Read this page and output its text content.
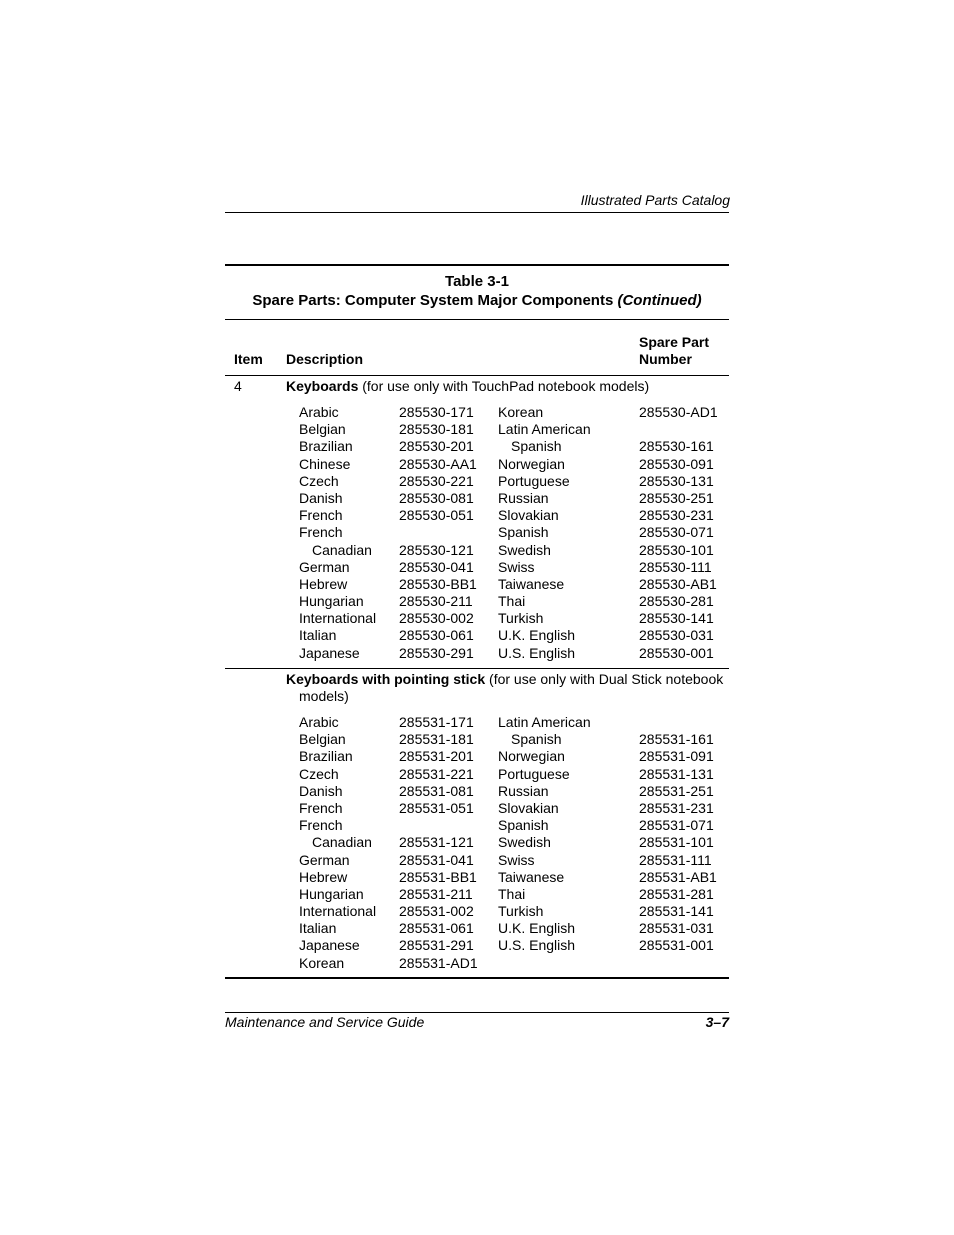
Illustrated Parts Catalog
Table 3-1
Spare Parts: Computer System Major Components (Continued)
Item Description
Spare Part
Number
4	Keyboards (for use only with TouchPad notebook models)
Arabic	285530-171 Korean	285530-AD1
Belgian	285530-181 Latin American
Brazilian	285530-201	Spanish	285530-161
Chinese	285530-AA1 Norwegian	285530-091
Czech	285530-221 Portuguese	285530-131
Danish	285530-081 Russian	285530-251
French	285530-051 Slovakian	285530-231
French	Spanish	285530-071
Canadian 285530-121 Swedish	285530-101
German	285530-041 Swiss	285530-111
Hebrew	285530-BB1 Taiwanese	285530-AB1
Hungarian	285530-211 Thai	285530-281
International 285530-002 Turkish	285530-141
Italian	285530-061 U.K. English	285530-031
Japanese	285530-291 U.S. English	285530-001
Keyboards with pointing stick (for use only with Dual Stick notebook
models)
Arabic	285531-171 Latin American
Belgian	285531-181	Spanish	285531-161
Brazilian	285531-201 Norwegian	285531-091
Czech	285531-221 Portuguese	285531-131
Danish	285531-081 Russian	285531-251
French	285531-051 Slovakian	285531-231
French	Spanish	285531-071
Canadian 285531-121 Swedish	285531-101
German	285531-041 Swiss	285531-111
Hebrew	285531-BB1 Taiwanese	285531-AB1
Hungarian	285531-211 Thai	285531-281
International 285531-002 Turkish	285531-141
Italian	285531-061 U.K. English	285531-031
Japanese	285531-291 U.S. English	285531-001
Korean	285531-AD1
Maintenance and Service Guide	3–7
